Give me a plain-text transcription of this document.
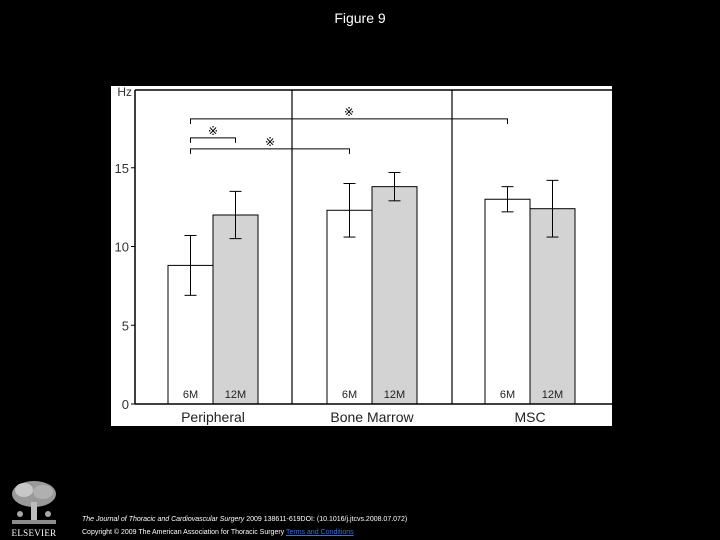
Figure 9
0
5
10
15
Hz
6M 12M	6M 12M	6M 12M
Peripheral	Bone Marrow	MSC
※
※
※
ELSEVIER
The Journal of Thoracic and Cardiovascular Surgery 2009 138611-619DOI: (10.1016/j.jtcvs.2008.07.072)
Copyright © 2009 The American Association for Thoracic Surgery Terms and Conditions
